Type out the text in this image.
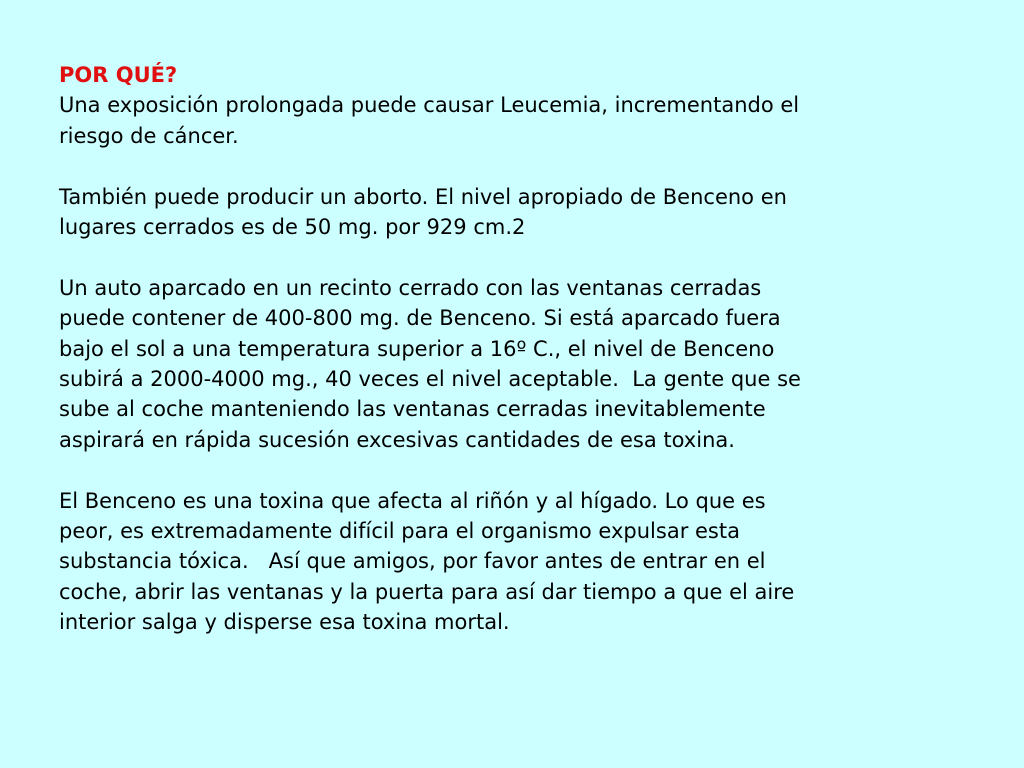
POR QUÉ?
Una exposición prolongada puede causar Leucemia, incrementando el
riesgo de cáncer.
También puede producir un aborto. El nivel apropiado de Benceno en
lugares cerrados es de 50 mg. por 929 cm.2
Un auto aparcado en un recinto cerrado con las ventanas cerradas
puede contener de 400-800 mg. de Benceno. Si está aparcado fuera
bajo el sol a una temperatura superior a 16º C., el nivel de Benceno
subirá a 2000-4000 mg., 40 veces el nivel aceptable.  La gente que se
sube al coche manteniendo las ventanas cerradas inevitablemente
aspirará en rápida sucesión excesivas cantidades de esa toxina.
El Benceno es una toxina que afecta al riñón y al hígado. Lo que es
peor, es extremadamente difícil para el organismo expulsar esta
substancia tóxica.   Así que amigos, por favor antes de entrar en el
coche, abrir las ventanas y la puerta para así dar tiempo a que el aire
interior salga y disperse esa toxina mortal.
